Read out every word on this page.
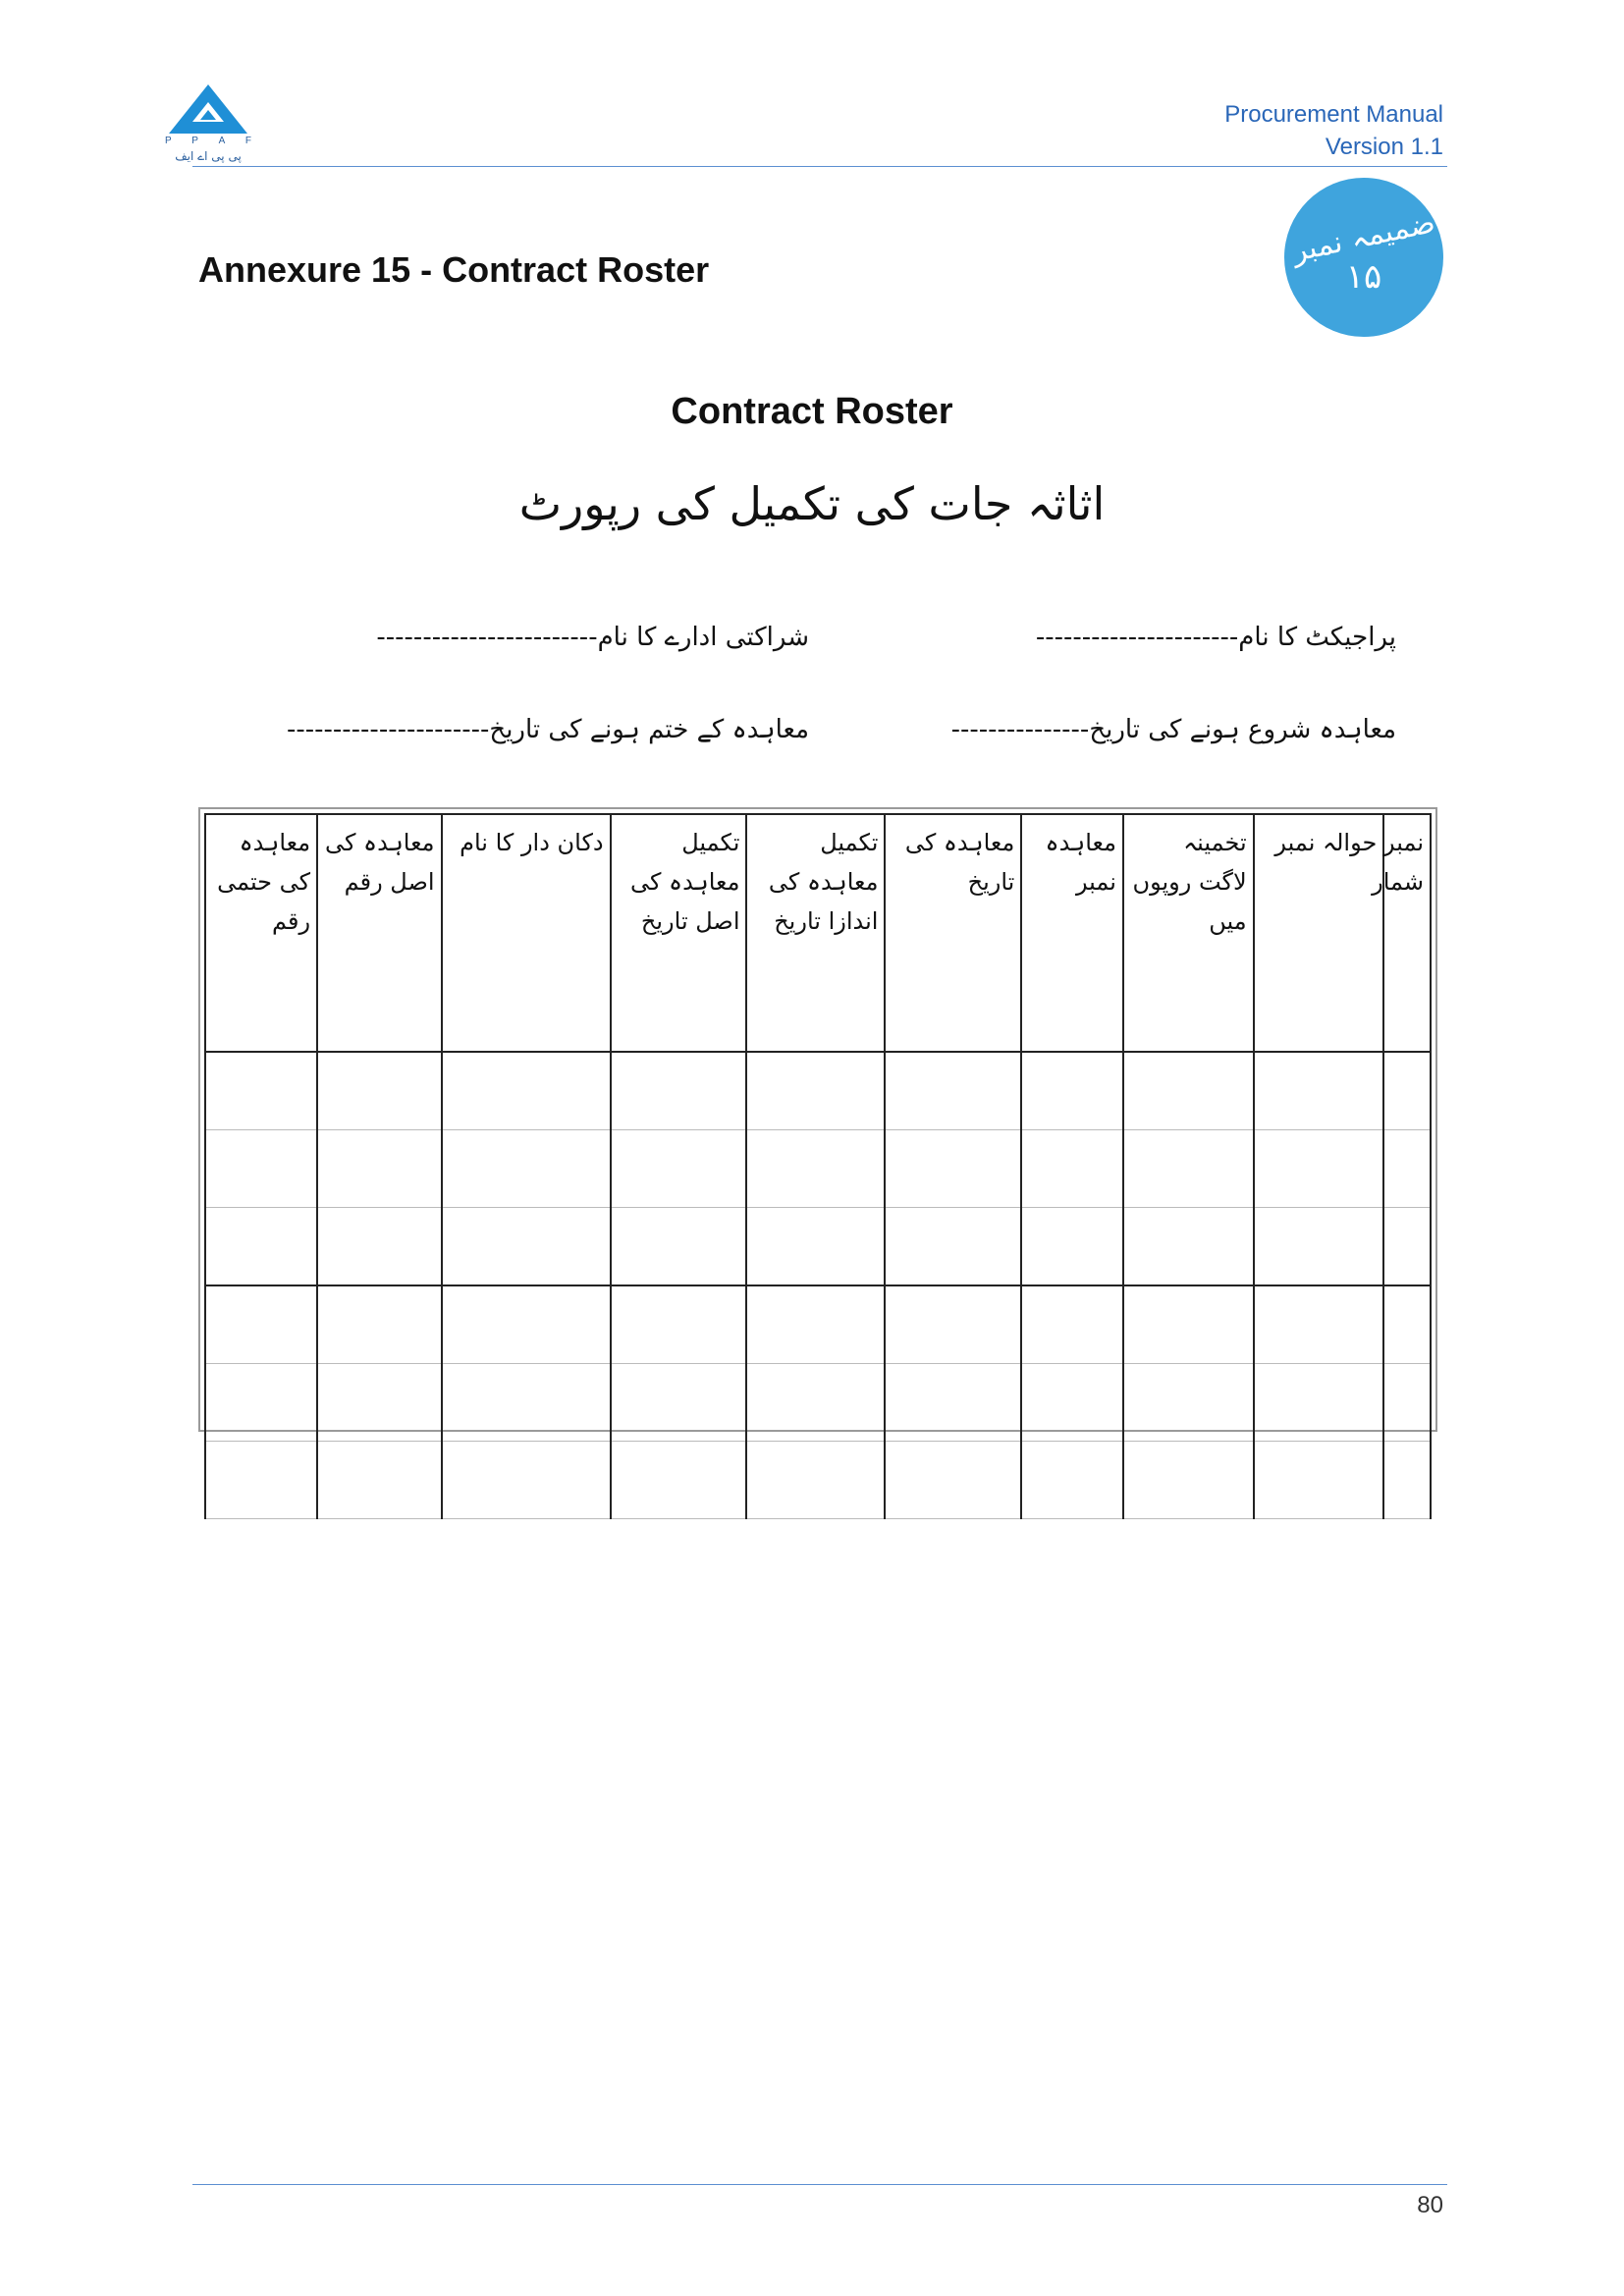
P P A F
پی پی اے ایف
Procurement Manual
Version 1.1
ضمیمہ نمبر
۱۵
Annexure 15 - Contract Roster
Contract Roster
اثاثہ جات کی تکمیل کی رپورٹ
پراجیکٹ کا نام----------------------
شراکتی ادارے کا نام------------------------
معاہدہ شروع ہونے کی تاریخ---------------
معاہدہ کے ختم ہونے کی تاریخ----------------------
نمبر شمار	حوالہ نمبر	تخمینہ لاگت روپوں میں	معاہدہ نمبر	معاہدہ کی تاریخ	تکمیل معاہدہ کی اندازا تاریخ	تکمیل معاہدہ کی اصل تاریخ	دکان دار کا نام	معاہدہ کی اصل رقم	معاہدہ کی حتمی رقم

80
